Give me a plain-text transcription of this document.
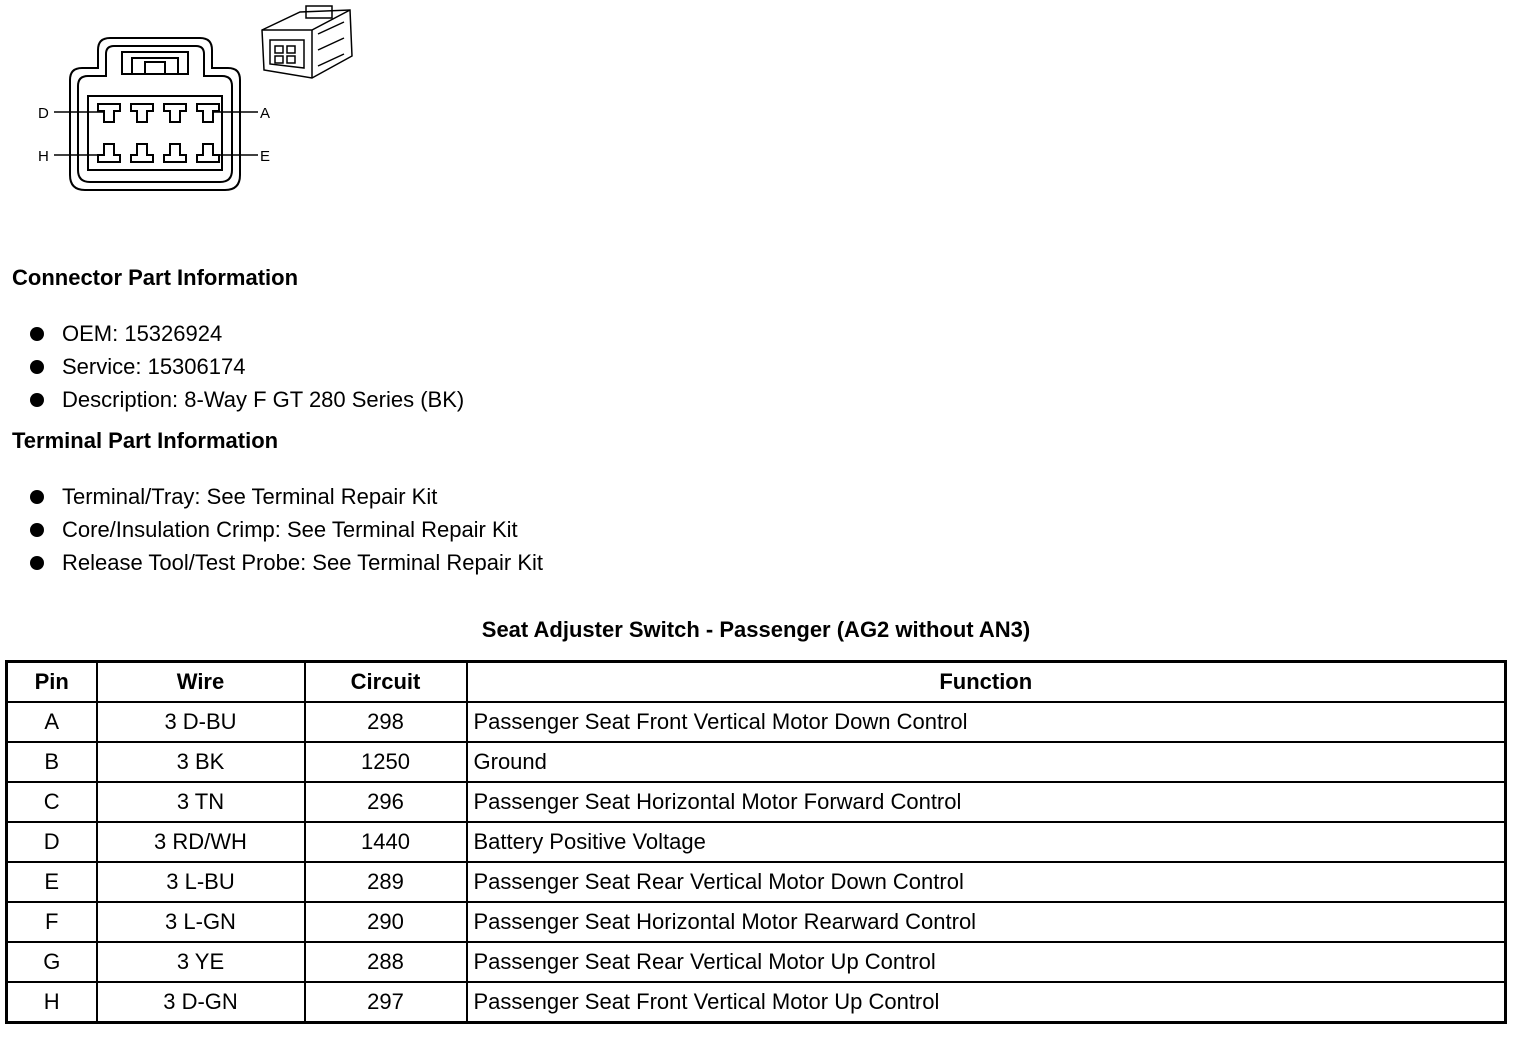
D	A
H	E
Connector Part Information
OEM: 15326924
Service: 15306174
Description: 8-Way F GT 280 Series (BK)
Terminal Part Information
Terminal/Tray: See Terminal Repair Kit
Core/Insulation Crimp: See Terminal Repair Kit
Release Tool/Test Probe: See Terminal Repair Kit
Seat Adjuster Switch - Passenger (AG2 without AN3)
Pin	Wire	Circuit	Function
A	3 D-BU	298	Passenger Seat Front Vertical Motor Down Control
B	3 BK	1250	Ground
C	3 TN	296	Passenger Seat Horizontal Motor Forward Control
D	3 RD/WH	1440	Battery Positive Voltage
E	3 L-BU	289	Passenger Seat Rear Vertical Motor Down Control
F	3 L-GN	290	Passenger Seat Horizontal Motor Rearward Control
G	3 YE	288	Passenger Seat Rear Vertical Motor Up Control
H	3 D-GN	297	Passenger Seat Front Vertical Motor Up Control
